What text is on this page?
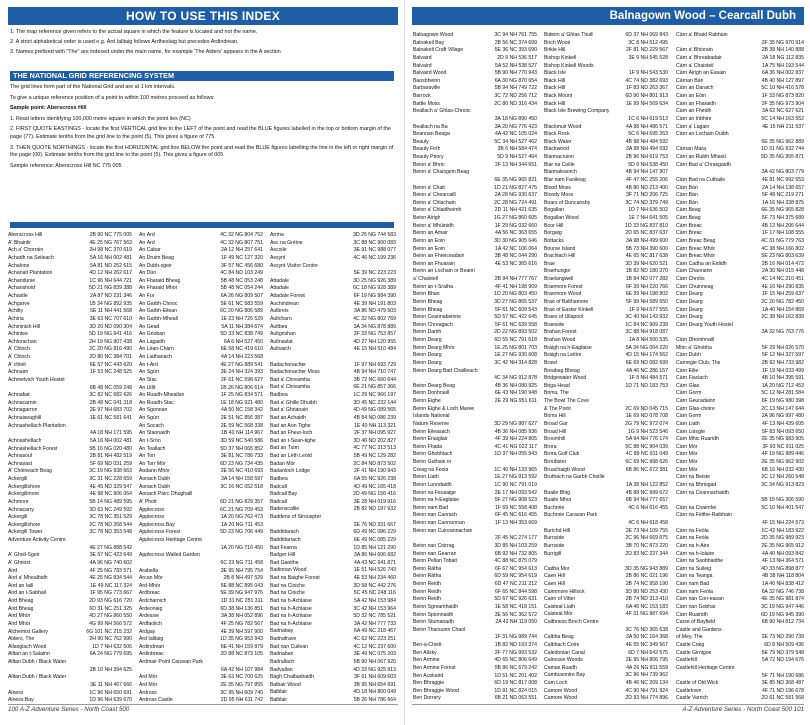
HOW TO USE THIS INDEX	Balnagown Wood – Cearcall Dubh

1. The map reference given refers to the actual square in which the feature is located and not the name.

2. A strict alphabetical order is used e.g. Àrd Ialltaig follows Ardheslaig but precedes Ardindrean.

3. Names prefixed with "The" are indexed under the main name, for example 'The Alders' appears in the A section

THE NATIONAL GRID REFERENCING SYSTEM

The grid lines form part of the National Grid and are at 1 km intervals.

To give a unique reference position of a point to within 100 metres proceed as follows:

Sample point: Aberscross Hill

1. Read letters identifying 100,000 metre square in which the point lies (NC)

2. FIRST QUOTE EASTINGS - locate the first VERTICAL grid line to the LEFT of the point and read the BLUE figures labelled in the top or bottom margin of the page (77). Estimate tenths from the grid line to the point (5). This gives a figure of 775

3. THEN QUOTE NORTHINGS - locate the first HORIZONTAL grid line BELOW the point and read the BLUE figures labelling the line in the left or right margin of the page (00). Estimate tenths from the grid line to the point (5). This gives a figure of 005

Sample reference: Aberscross Hill NC 775 005

Aberscross Hill	2B 90 NC 775 005
A' Bhainlir	4E 25 NG 767 563
Ach a' Chorrain	2H 98 NC 370 619
Achadh na Seileach	5A 16 NH 002 481
Achalone	5A 81 ND 252 615
Achanalt Plantation	4D 12 NH 262 617
Achandunie	1C 96 NH 644 721
Achanshoid	5D 21 NG 839 388
Achastle	2A 87 ND 231 346
Achgarve	1B 34 NG 892 935
Achilty	5E 11 NH 441 568
Achina	3E 63 NC 707 610
Achininish Hill	3D 20 ND 090 304
Achintee	5D 19 NG 941 416
Achlorachan	2H 19 NG 907 438
A' Chloch	2C 20 NG 816 490
A' Chloch	2D 80 NC 384 701
A' chleit	6E 57 NC 443 620
Achnairn	1F 53 NC 248 525
Achmelvich Youth Hostel
6B 48 NC 059 248
Achnabat	3C 82 NC 682 626
Achnacarnin	2B 48 NC 041 318
Achnagarron	2E 97 NH 683 702
Achnaiseaghill	1E 61 NC 581 641
Achnashellach Plantation
4A 18 NH 171 595
Achnashellach	5A 16 NH 002 481
Achnashellach Forest	5B 16 NG 020 480
Achnasoul	2B 81 NH 482 519
Achnavast	5F 69 ND 031 259
A' Chòineach Beag	3C 19 NG 938 663
Ackergill	3C 31 NC 228 659
Ackergillshore	4E 45 ND 329 547
Ackergillmore	4E 98 NC 906 064
Achmore	5B 14 NG 489 595
Achnacarry	3D 63 NC 249 592
Ackergill	3C 78 NC 351 529
Ackergillshore	2C 78 ND 358 544
Ackergill Tower	3C 78 ND 353 548
Adventure Activity Centre
4E 27 NG 888 542
A' Ghoil-Sgeir	3E 57 NC 423 649
A' Ghriost	4A 96 NG 740 602
Àird	4F 25 NG 783 571
Àird a' Mhealbidh	4E 25 NG 834 544
Àird an Iaill	1E 49 NC 117 324
Àird an t-Sabhail	1F 95 NG 773 667
Àird Bheag	2D 93 NG 616 720
Àird Bheag	6D 31 NC 251 325
Àird Mhòr	4D 27 NG 860 550
Àird Mhòr	4G 99 NH 566 572
Alchemist Gallery	6G 101 NC 215 232
Alders, The	2H 90 NC 762 990
Allanglach Wood	1D 7 NH 632 506
Alltan an t-Salainn	6A 24 NG 779 695
Alltan Dubh / Black Water
2B 10 NH 394 625
Alltan Dubh / Black Water
3E 11 NH 467 666
Alness	1C 96 NH 650 691
Alness Bay	1D 96 NH 639 670
An Àrd	4C 32 NG 804 752
An Àrd	4C 32 NG 807 751
An Cabar	2A 12 NH 257 641
An Druim Beag	1F 49 NC 127 320
An Dubh-sgeir	3F 57 NC 456 680
An Dùn	4C 84 ND 103 249
An Fharaid Bheag	5B 48 NC 053 248
An Fharaid Mhòr	5B 48 NC 054 244
An Fur	6A 26 NG 809 507
An Garbh-Chnoc	5E 61 NC 583 559
An Garbh-Eilean	6C 20 NG 806 589
An Garbh-Mheall	1E 23 NH 726 529
An Gead	5A 11 NH 384 674
An Grioban	5D 33 NC 838 749
An Lagaidh	6A 6 NH 527 450
An Lèan-Chàrn	6E 58 NC 419 610
An Liathanach	4A 14 NH 223 568
An t-Ard	4E 27 NG 889 541
An Sgùrr	3E 24 NH 324 393
An Stac	2F 61 NC 598 627
An Uillt	1B 26 NG 806 614
An Ruadh-Mheallan	1F 25 NG 834 571
An Ruadh-Stac	1E 18 NG 921 480
An Sgonnan	4A 50 NC 158 342
An Sgùrr	2E 51 NC 856 387
An Socach	2E 59 NC 568 338
An Staonaidh	1B 40 NH 114 967
An t-Sròn	3D 59 NC 540 586
An Teallach	5D 37 NH 065 852
An Torr	3E 81 NC 786 733
An Torr Mòr	6D 23 NG 734 435
Aodann Mhòr	2E 56 NC 410 693
Aonach Dubh	3A 14 NH 158 597
Aonach Dubh	3C 16 NC 052 518
Aonach Pàirc Dhughaill
A' Phoit	6D 21 NG 829 357
Applecross	6C 21 NG 709 453
Applecross	1A 20 NG 762 473
Applecross Bay	1A 20 NG 711 453
Applecross Forest	5D 23 NG 706 449
Applecross Heritage Centre
1A 20 NG 716 450
Applecross Walled Garden
6C 23 NG 711 458
Arabella	3E 95 NH 795 754
Àrcan Mòr	2B 8 NH 497 529
Àrd-Mhòr	5E 88 NC 895 043
Àrdbreac	5E 39 NG 947 976
Àrdcharnich	1D 31 NC 251 311
Ardeonaig	6D 38 NH 136 851
Ardessie	3A 38 NH 052 896
Ardfaolich	4F 25 NG 782 567
Ardgay	4E 39 NH 597 900
Àrd Ialltaig	1D 35 NG 953 943
Ardindrean	6E 41 NH 159 879
Ardinbreac	2D 88 NC 873 105
Àrdmair Point Caravan Park
6A 42 NH 107 984
Àrd Mòr	3E 63 NC 700 625
Àrd Mòr	2E 35 NG 797 855
Ardross	3C 95 NH 609 740
Ardross Castle	2D 95 NH 611 742
Arrina	3D 25 NG 744 583
Asc na Gréine	3C 88 NC 900 083
Ascoile	3E 91 NC 988 077
Assynt	4C 46 NC 199 236
Assynt Visitor Centre
5E 39 NC 223 223
Attadale	3D 25 NG 926 389
Attadale	6C 18 NG 928 389
Attadale Forest	6F 19 NG 984 390
Auchindrean	4E 39 NH 191 803
Aulbreis	3A 86 ND 479 503
Aultcharn	4C 32 NG 802 769
Aultbea	3A 34 NG 878 889
Aultgrishan	2F 33 NG 753 857
Aultnaslat	4D 27 NH 120 955
Aultvaich	4E 15 NH 510 484
Badachonacher	1F 97 NH 693 729
Badachonacher Moss	4B 94 NH 710 747
Bad a' Chreamha	3B 72 NC 660 644
Bad a' Chreamha	6E 21 NG 857 366
Badbea	1C 29 NC 966 197
Bad a' Ghille Dhuibh	3D 45 NC 232 144
Bad a' Ghrianain	4D 49 NG 089 565
Bad an Achaidh	4B 84 ND 086 239
Bad an Aon Tighe	1E 40 NH 113 321
Bad an Fheur-loch	2F 37 NH 095 927
Bad an t-Sean-tighe	3D 46 ND 202 827
Bad an Tuim	4C 77 NC 313 513
Bad an Lèth Leòid	5B 49 NC 129 282
Badan Mòr	2C 84 ND 873 502
Badanloch Lodge	2F 41 NH 190 943
Badbea	6A 55 NC 926 238
Badcall	4D 49 NC 165 418
Badcall Bay	2D 49 NG 156 416
Badcall	3E 28 NH 019 916
Badenscallie	2B 82 ND 197 932
Baddens of Strouspter
2E 76 ND 331 667
Baddidarach	6D 49 NC 086 229
Baddidarrach	6E 49 NC 085 229
Bad Fearna	1D 85 NH 121 290
Badger Hill	3A 86 NH 606 682
Bad Gaoithe	4A 43 NC 941 871
Badinnan Wood	1E 51 NH 526 743
Bad na Baighe Forest	4E 53 NH 234 460
Bad na Cloiche	3D 58 NC 442 276
Bad na Cloiche	5C 45 NC 248 116
Bad na h-Achlaise	5A 42 NH 153 984
Bad na h-Achlaise	3C 42 NH 153 964
Bad na h-Achlaise	5D 32 NC 785 521
Bad na h-Achlaise	3A 42 NH 777 733
Badnabay	6A 49 NC 218 467
Badnafrave	4C 62 NC 223 251
Bad nan Cuilean	4C 12 NC 237 600
Badnaban	3E 49 NC 075 203
Badrallach	5B 90 NH 067 920
Badvallan	4D 33 NG 925 913
Bàgh Chalbadraidh	3F 61 NH 609 603
Balbair Wood	3B 95 NH 654 691
Balblair	4D 18 NH 800 049
Balblair	5B 26 NH 786 664
Balnagown Wood	3C 94 NH 761 755
Balnakeil Bay	2B 56 NC 374 699
Balnakeil Craft Village	5E 36 NC 393 690
Balvaird	2D 9 NH 536 517
Balvaird	5A 52 NH 538 527
Balvaird Wood	5B 90 NH 770 943
Baosbheinn	6A 30 NG 870 654
Barbaraville	5B 94 NH 749 722
Barrock	3C 72 ND 256 712
Battle Moss	2C 80 ND 316 434
Beallach a' Ghlas-Chnoic
3A 18 NG 890 450
Beallach na Ba	3A 20 NG 776 423
Beannan Beaga	4A 42 NC 105 024
Beauly	5C 34 NH 527 462
Beauly Firth	3B 6 NH 584 474
Beauly Priory	5D 9 NH 527 464
Beinn a' Bhric	2F 13 NH 344 651
Beinn a' Chaisgein Beag
6E 35 NG 965 821
Beinn a' Chait	1D 21 NG 827 475
Beinn a' Chearcaill	2A 28 NG 930 637
Beinn a' Chlachain	2C 28 NG 724 491
Beinn a' Chlaidheimh	2D 11 NH 421 635
Beinn Airigh	1G 27 NG 860 605
Beinn a' Mhùinidh	1F 29 NG 032 660
Beinn an Amair	4A 56 NC 363 655
Beinn an Eoin	3D 30 NG 905 646
Beinn an Eoin	1A 42 NC 106 064
Beinn an Fhreiceadain	3B 48 NC 044 290
Beinn an Fhuarain	4E 53 NC 365 616
Beinn an Lochain or Beann
a' Chaisteil	2B 94 NH 777 767
Beinn an t-Sratha	4F 41 NH 198 909
Beinn Bhan	1D 20 NG 803 450
Beinn Bheag	3D 27 NG 865 537
Beinn Bheag	5F 61 NC 609 543
Beinn Ceannabeinne	5D 57 NC 422 645
Beinn Chreagach	5F 61 NC 639 558
Beinn Damh	2D 22 NG 893 502
Beinn Dearg	6D 55 NC 791 618
Beinn Dearg Mhòr	1E 25 NG 801 703
Beinn Dearg	1E 27 NG 930 608
Beinn Dearg	3C 42 NH 314 828
Beinn Dearg Bad Chailleach
4C 34 NG 912 878
Beinn Dearg Beag	4B 36 NH 080 925
Beinn Donhnaill	6E 43 NH 190 948
Beinn Eighe	2E 29 NG 951 611
Beinn Eighe & Loch Maree
Islands National
Nature Reserve	3D 29 NG 987 627
Beinn Eileasach	4B 36 NH 085 936
Beinn Enaiglair	4F 39 NH 224 805
Beinn Fhada	4C 41 NG 022 117
Beinn Ghobhlach	1D 37 NH 055 943
Beinn Guthais or
Creag na Feola	1C 40 NH 133 965
Beinn Liath	1E 27 NG 913 592
Beinn Lunndaidh	1C 90 NC 791 019
Beinn na Feusaige	2E 17 NH 093 542
Beinn na h-Eaglaise	5F 27 NG 908 523
Beinn nam Bad	1F 69 NC 558 408
Beinn nan Caorach	6F 45 NC 616 455
Beinn nan Caorrunnan	1F 13 NH 353 669
Beinn nan Cuireannachan
2F 45 NC 274 177
Beinn nan Coirrag	3D 85 NH 103 259
Beinn nan Gearran	6B 92 NH 732 805
Beinn Pellan Tobait	4C 88 NC 875 079
Beinn Ràtha	6F 67 NC 954 613
Beinn Ràtha	6D 59 NC 954 619
Beinn Reidh	6D 47 NC 211 212
Beinn Reidh	6F 65 NC 844 598
Beinn Reidh	5D 67 NC 926 631
Beinn Sgreamhaidh	1E 58 NC 418 151
Beinn Spionnaidh	3E 56 NC 362 572
Beinn Stumanadh	2A 42 NH 119 050
Beinn Tharsuinn Chaol
1F 31 NG 989 744
Ben-a-Chielt	1B 82 ND 193 374
Ben Alisky	2F 77 NG 993 532
Ben Armine	4D 65 NC 806 649
Ben Armine Forest	5B 86 NC 679 242
Ben Auskaird	1D 51 NC 201 402
Ben Bhraggie	6D 19 NC 817 008
Ben Bhraggie Wood	1D 91 NC 824 015
Ben Dorrery	6B 21 ND 063 551
Bideim a' Ghlas Thuill	6D 37 NH 069 843
Birch Wood	3C 8 NH 512 495
Birkle Hill	2F 81 ND 229 567
Bishop Kinkell	3E 9 NH 545 528
Bishop Kinkell Woods
Black Isle	1F 9 NH 543 530
Black Hill	4C 74 ND 382 693
Black Hill	1F 83 ND 263 367
Black Mount	6D 90 NH 801 913
Black Hill	1E 99 NH 569 634
Black Isle Brewing Company
1C 6 NH 619 513
Blackmuir Wood	4A 98 NH 486 571
Black Rock	5C 6 NH 595 263
Black Water	4B 98 NH 484 592
Blackwood	3A 98 NH 494 592
Blairnacruinn	2B 96 NH 619 753
Blar na Coille	5D 9 NH 538 450
Blairnaleaorch	4B 94 NH 147 907
Blar nam Faoileag	4F 47 NC 255 206
Blood Moss	4B 80 ND 213 400
Bloody Moss	3F 71 ND 206 725
Boars of Duncansby	3C 74 ND 379 749
Bogallan	1D 7 NH 636 502
Bogallan Wood	1E 7 NH 641 505
Boor Hill	1D 33 NG 837 810
Borgaig	2D 65 NC 837 637
Bottacks	3A 98 NH 499 600
Bourse Island	5B 73 NH 390 600
Brachlach Hill	4E 65 NC 817 638
Brae	3D 39 NH 620 521
Braehungie	1B 82 ND 180 370
Braelangwell	1B 84 ND 077 282
Braemore Forest	6F 39 NH 220 766
Braemore Wood	6E 39 NH 198 802
Brae of Balthamore	5F 99 NH 589 550
Brae of Easter Kinkell	1F 9 NH 577 555
Braes of Ullapool	3C 40 NH 142 932
Braeside	1C 84 NC 909 239
Brahan Forest	3C 88 NH 918 087
Brahan Wood	1A 8 NH 500 535
Bràigh na h-Eaglaise	5A 34 NG 064 220
Bràigh na Leitire	4D 15 NH 174 562
Brawl	6E 69 ND 082 699
Breabag Bheag	4A 46 NC 286 157
Bridgewater Wood	1F 8 NH 484 571
Briga Head	1D 71 ND 183 753
Brims, The
The Bowl The Cove
& The Point	2C 69 ND 045 715
Brims Hill	1E 69 ND 078 708
Broad Gar	2G 79 NC 972 074
Broad Hill	1G 9 NH 523 546
Broomhill	5A 94 NH 776 174
Brora	5C 88 NC 904 039
Brora Golf Club	4C 89 NC 911 049
Broubster	6C 69 NC 998 626
Bruachaigb Wood	6B 86 NC 672 381
Bruthach na Garbh Choille
1A 38 NH 122 852
Buaile Bhig	4B 88 NC 999 672
Buaile Mhor	6B 94 NH 777 657
Buchnrie	4C 6 NH 616 455
Buchnrie Caravan Park
4C 6 NH 618 458
Burichd Hill	2E 73 NH 109 755
Burnside	2C 96 NH 669 675
Burnside	3B 70 NC 873 220
Burrigill	2D 83 NC 227 344
Cadha Mor	3D 35 NG 943 889
Caen Hill	2B 86 NC 021 196
Caen Hill	2B 74 NC 958 190
Cairnmore Hillock	3D 80 ND 253 430
Cairn of Vitter	2B 74 ND 313 410
Caisteal Liath	6A 46 NC 153 183
Caisteal Mòr	4F 31 NG 987 694
Caithness Broch Centre
3C 76 ND 365 638
Calbha Beag	3A 50 NC 164 368
Calbhach Coire	4E 55 NC 349 567
Caledonian Canal	6D 7 NH 642 575
Calrossie Woods	2E 95 NH 806 795
Camas Ruadh	4A 26 NG 811 559
Cambusontre Bay	3C 96 NH 739 962
Cam Loch	4B 46 NC 209 134
Camore Wood	4C 90 NH 791 924
Camore Wood	2D 93 NH 774 896
Càrn a' Bhaid Rabhain
2F 35 NG 970 914
Càrn a' Bhiorain	2B 38 NH 140 888
Càrn a' Bhreabadair	2A 18 NG 112 835
Càrn a' Chaisteil	1A 75 NH 193 544
Càrn Àirigh an Easain	6A 36 NH 002 837
Càrnan Bàn	4B 40 NH 127 897
Càrn an Daraich	5C 10 NH 416 578
Càrn an Eòin	1F 33 NG 873 820
Càrn an Fharaidh	2F 35 NG 973 904
Càrn an Fheidh	3A 62 NC 627 621
Càrn an Inbhire	5C 14 NH 163 552
Càrn a' Lagain	4E 15 NH 211 537
Càrn an Lochain Duibh
5E 35 NG 962 889
Càrnan Mara	1D 31 NG 932 744
Càrn an Ruibh Mhaoil	5D 35 NG 955 871
Càrn Bad a' Chrasgaidh
3A 42 NG 803 779
Càrn Bad na Cuthaile	4E 81 NC 992 553
Càrn Bàn	2A 14 NH 138 657
Càrn Bàn	5F 48 NC 219 271
Càrn Bàn	1A 16 NH 338 875
Càrn Beag	6E 35 NG 965 828
Càrn Beag	5F 73 NH 375 689
Càrn Breac	4B 13 NH 206 644
Càrn Breac	1F 17 NH 108 555
Càrn Breac Beag	4C 31 NG 779 763
Càrn Breac Mhòr	4C 38 NH 166 802
Càrn Breac Mhòr	5E 23 NG 803 639
Càrn Cadha an Eididh	2B 16 NH 014 472
Càrn Chaorainn	2A 30 NH 015 448
Càrn Chnòis	4C 14 NC 210 451
Càrn Chuinneag	4E 16 NH 290 835
Càrn Dearg	1F 15 NH 259 637
Càrn Dearg	2C 20 NG 782 450
Càrn Dearg	1A 40 NH 154 869
Càrn Dearg	2C 38 NH 162 839
Càrn Dearg Youth Hostel
3A 32 NG 763 776
Càrn Dhomhnaill
Mhic a' Ghobha	5F 29 NH 026 570
Càrn Dubh	5F 12 NH 327 597
Carnegie Club, The	2B 92 NH 733 982
Càrn Eilie	1F 19 NH 033 499
Càrn Fiaclach	4B 10 NH 395 591
Càrn Glas	1A 20 NG 712 453
Càrn Gorm	5C 12 NH 281 584
Càrn Geuradainn	6F 19 NG 980 398
Càrn Glas-choire	2C 13 NH 147 644
Càrn Gorm	2A 96 NG 997 480
Càrn Liath	4F 13 NH 439 605
Càrn Loisgte	5F 83 NH 093 650
Càrn Mhic Ruaridh	2E 35 NG 983 905
Càrn Mòr	3F 93 NC 911 025
Càrn Mòr	4F 19 NG 989 446
Càrn Mòr	2E 35 NG 962 902
Càrn Mòr	6B 16 NH 032 430
Càrn na Beiste	2C 12 NH 260 548
Càrn na Bhriogad	3C 34 NG 913 823
Càrn na Ceannachaidh
5B 15 NG 306 590
Càrn na Cnaimhe	5C 10 NH 401 547
Càrn na Fèithe-Raibhain
4F 15 NH 224 573
Càrn na Feòla	1C 42 NH 183 922
Càrn na Feòla	2D 35 NG 989 923
Càrn na h-Àire	2E 35 NG 965 912
Càrn na h-Ìolaire	4A 40 NH 093 842
Càrn na Saobhaidhe	4F 13 NH 364 571
Càrn na Suileig	4D 33 NG 898 877
Càrn na Teanga	4B 38 NH 118 804
Càrn nam Bad	1A 40 NH 838 412
Càrn nam Feòla	6A 32 NG 746 738
Càrn nan Con-easan	4E 35 NG 981 874
Càrn nan Gobhar	3C 19 NG 947 446
Càrn Ruairidh	6D 19 NG 945 390
Carse of Bayfield	6B 90 NH 812 734
Castle and Gardens
of Mey, The	2E 73 ND 290 739
Castle Craig	6D 8 NH 509 436
Castle Girnigoe	5E 79 ND 379 548
Castlehill	5A 72 ND 194 676
Castlehill Heritage Centre
5F 71 NH 190 686
Castle of Old Wick	3E 85 ND 368 487
Castletown	4F 71 ND 196 678
Castle Varrich	2D 61 NC 581 568
100 A-Z Adventure Series - North Coast 500	A-Z Adventure Series - North Coast 500 101
